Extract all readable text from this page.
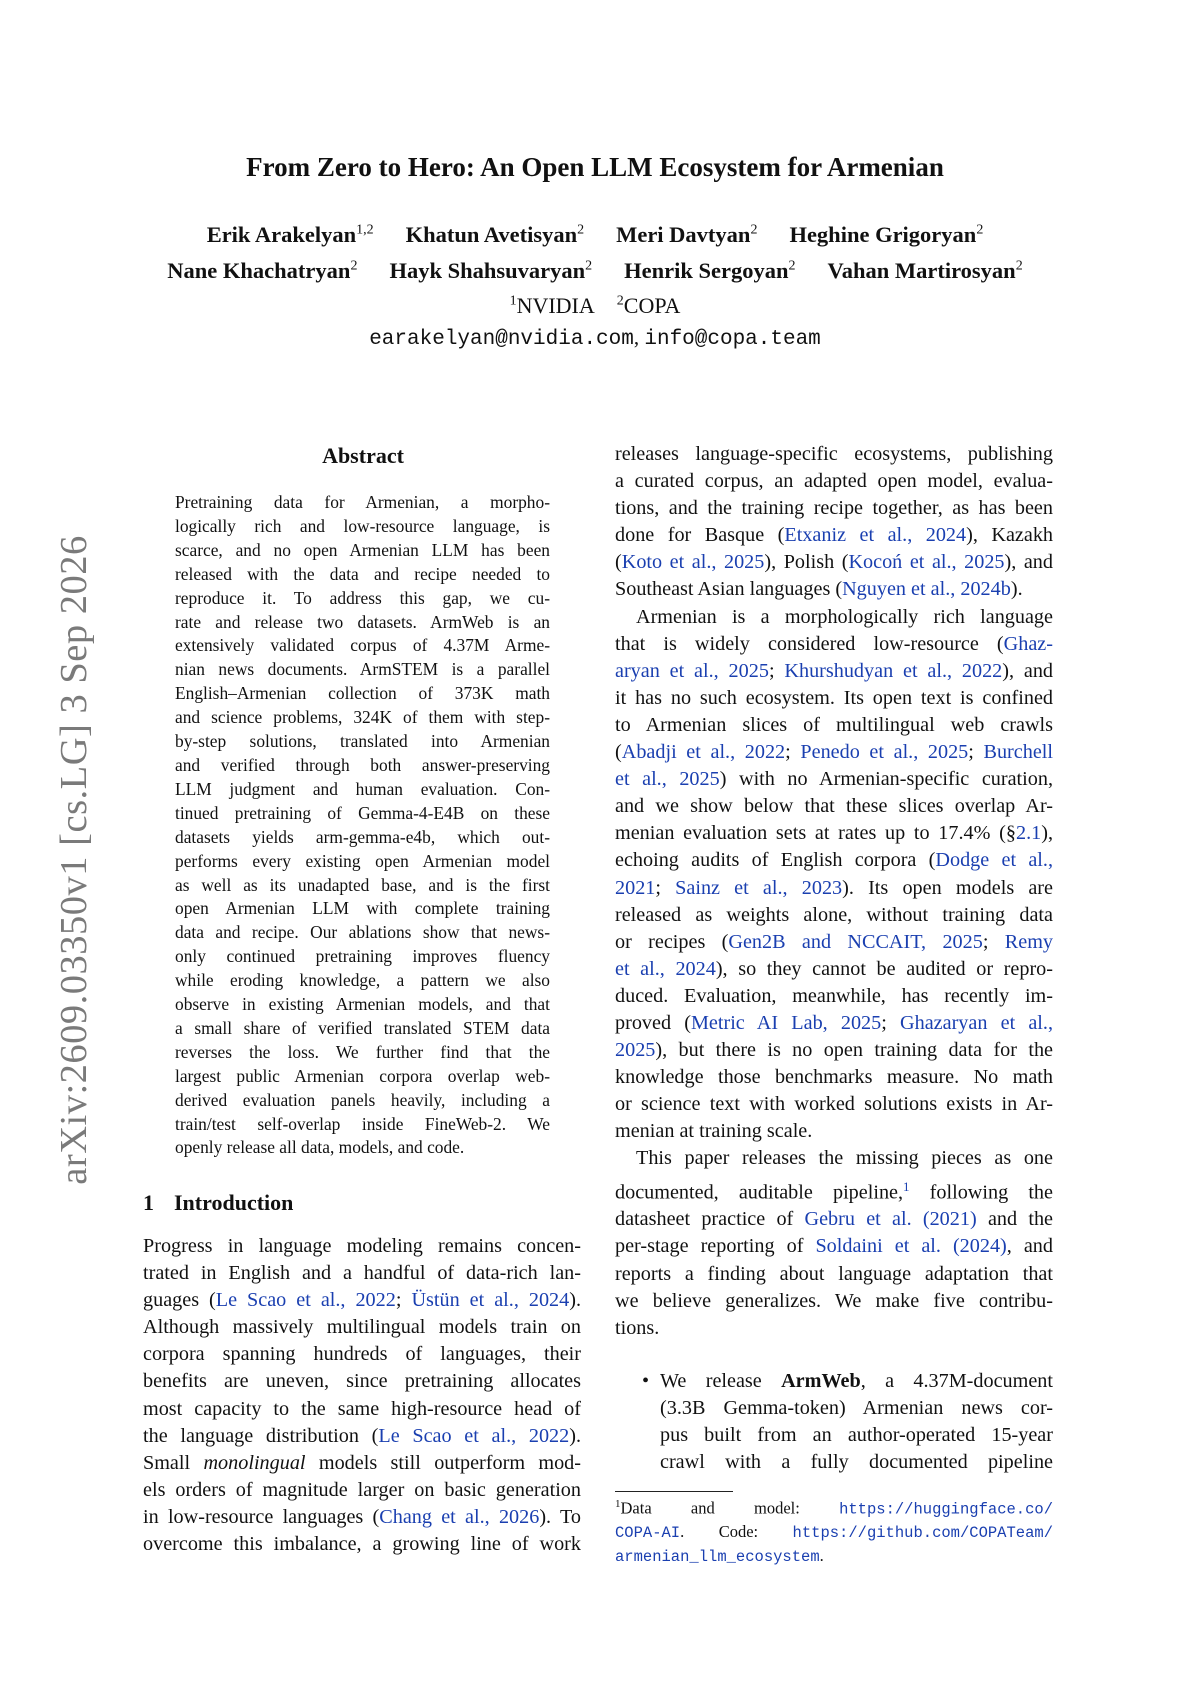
arXiv:2609.03350v1 [cs.LG] 3 Sep 2026
From Zero to Hero: An Open LLM Ecosystem for Armenian
Erik Arakelyan$^{1,2}$ Khatun Avetisyan$^2$ Meri Davtyan$^2$ Heghine Grigoryan$^2$
Nane Khachatryan$^2$ Hayk Shahsuvaryan$^2$ Henrik Sergoyan$^2$ Vahan Martirosyan$^2$
$^1$NVIDIA $^2$COPA
earakelyan@nvidia.com, info@copa.team
Abstract
Pretraining data for Armenian, a morpho-
logically rich and low-resource language, is
scarce, and no open Armenian LLM has been
released with the data and recipe needed to
reproduce it. To address this gap, we cu-
rate and release two datasets. ArmWeb is an
extensively validated corpus of 4.37M Arme-
nian news documents. ArmSTEM is a parallel
English–Armenian collection of 373K math
and science problems, 324K of them with step-
by-step solutions, translated into Armenian
and verified through both answer-preserving
LLM judgment and human evaluation. Con-
tinued pretraining of Gemma-4-E4B on these
datasets yields arm-gemma-e4b, which out-
performs every existing open Armenian model
as well as its unadapted base, and is the first
open Armenian LLM with complete training
data and recipe. Our ablations show that news-
only continued pretraining improves fluency
while eroding knowledge, a pattern we also
observe in existing Armenian models, and that
a small share of verified translated STEM data
reverses the loss. We further find that the
largest public Armenian corpora overlap web-
derived evaluation panels heavily, including a
train/test self-overlap inside FineWeb-2. We
openly release all data, models, and code.
1 Introduction
Progress in language modeling remains concen-
trated in English and a handful of data-rich lan-
guages (Le Scao et al., 2022; Üstün et al., 2024).
Although massively multilingual models train on
corpora spanning hundreds of languages, their
benefits are uneven, since pretraining allocates
most capacity to the same high-resource head of
the language distribution (Le Scao et al., 2022).
Small monolingual models still outperform mod-
els orders of magnitude larger on basic generation
in low-resource languages (Chang et al., 2026). To
overcome this imbalance, a growing line of work
releases language-specific ecosystems, publishing
a curated corpus, an adapted open model, evalua-
tions, and the training recipe together, as has been
done for Basque (Etxaniz et al., 2024), Kazakh
(Koto et al., 2025), Polish (Kocoń et al., 2025), and
Southeast Asian languages (Nguyen et al., 2024b).
Armenian is a morphologically rich language
that is widely considered low-resource (Ghaz-
aryan et al., 2025; Khurshudyan et al., 2022), and
it has no such ecosystem. Its open text is confined
to Armenian slices of multilingual web crawls
(Abadji et al., 2022; Penedo et al., 2025; Burchell
et al., 2025) with no Armenian-specific curation,
and we show below that these slices overlap Ar-
menian evaluation sets at rates up to 17.4% (§2.1),
echoing audits of English corpora (Dodge et al.,
2021; Sainz et al., 2023). Its open models are
released as weights alone, without training data
or recipes (Gen2B and NCCAIT, 2025; Remy
et al., 2024), so they cannot be audited or repro-
duced. Evaluation, meanwhile, has recently im-
proved (Metric AI Lab, 2025; Ghazaryan et al.,
2025), but there is no open training data for the
knowledge those benchmarks measure. No math
or science text with worked solutions exists in Ar-
menian at training scale.
This paper releases the missing pieces as one
documented, auditable pipeline,$^1$ following the
datasheet practice of Gebru et al. (2021) and the
per-stage reporting of Soldaini et al. (2024), and
reports a finding about language adaptation that
we believe generalizes. We make five contribu-
tions.
• We release ArmWeb, a 4.37M-document
(3.3B Gemma-token) Armenian news cor-
pus built from an author-operated 15-year
crawl with a fully documented pipeline
$^1$Data and model: https://huggingface.co/
COPA-AI. Code: https://github.com/COPATeam/
armenian_llm_ecosystem.
